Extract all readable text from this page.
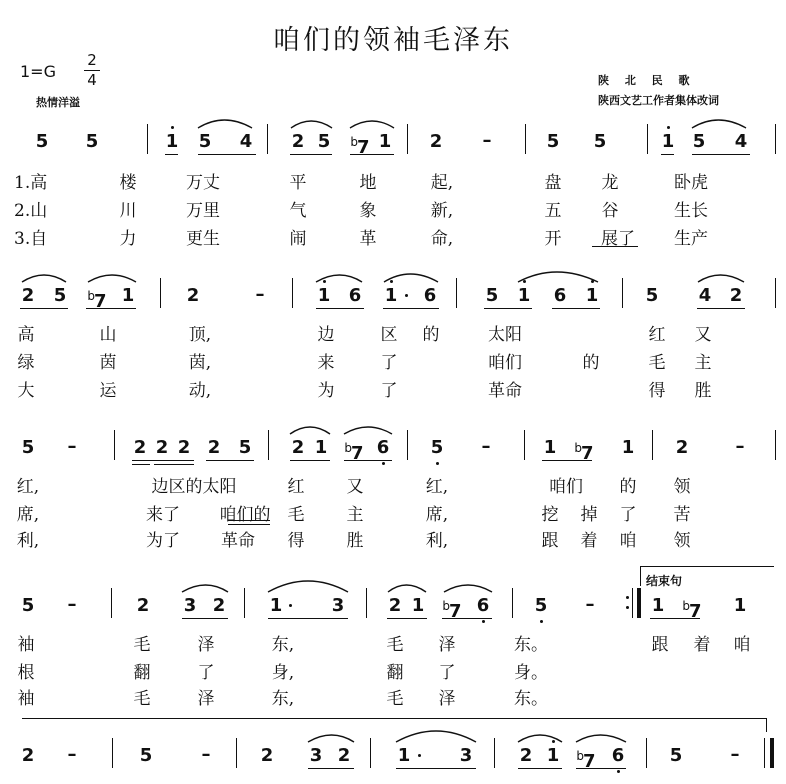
咱们的领袖毛泽东
1=G
2
4
热情洋溢
陕 北 民 歌
陕西文艺工作者集体改词
5 5	1 5 4 2 5 $^b$7 1 2 –	5 5	1 5 4
1.高	楼	万丈	平	地	起,	盘 龙	卧虎
2.山	川	万里	气	象	新,	五 谷	生长
3.自	力	更生	闹	革	命,	开 展了 生产
2 5 $^b$7 1	2	–	1 6 1 6	5 1 6 1	5 4 2
高	山	顶,	边	区 的	太阳	红 又
绿	茵	茵,	来	了	咱们	的	毛 主
大	运	动,	为	了	革命	得 胜
5 –	2 2 2 2 5 2 1 $^b$7 6 5 –	1 $^b$7 1 2	–
红,	边区的太阳	红 又	红,	咱们 的 领
席,	来了 咱们的 毛 主	席,	挖 掉 了 苦
利,	为了 革命 得 胜	利,	跟 着 咱 领
5 –	2 3 2 1	3 2 1 $^b$7 6	5 –	1 $^b$7 1
结束句
袖	毛	泽	东,	毛 泽	东。	跟 着 咱
根	翻	了	身,	翻 了	身。
袖	毛	泽	东,	毛 泽	东。
2 –	5	–	2 3 2	1	3	2 1 $^b$7 6	5	–
